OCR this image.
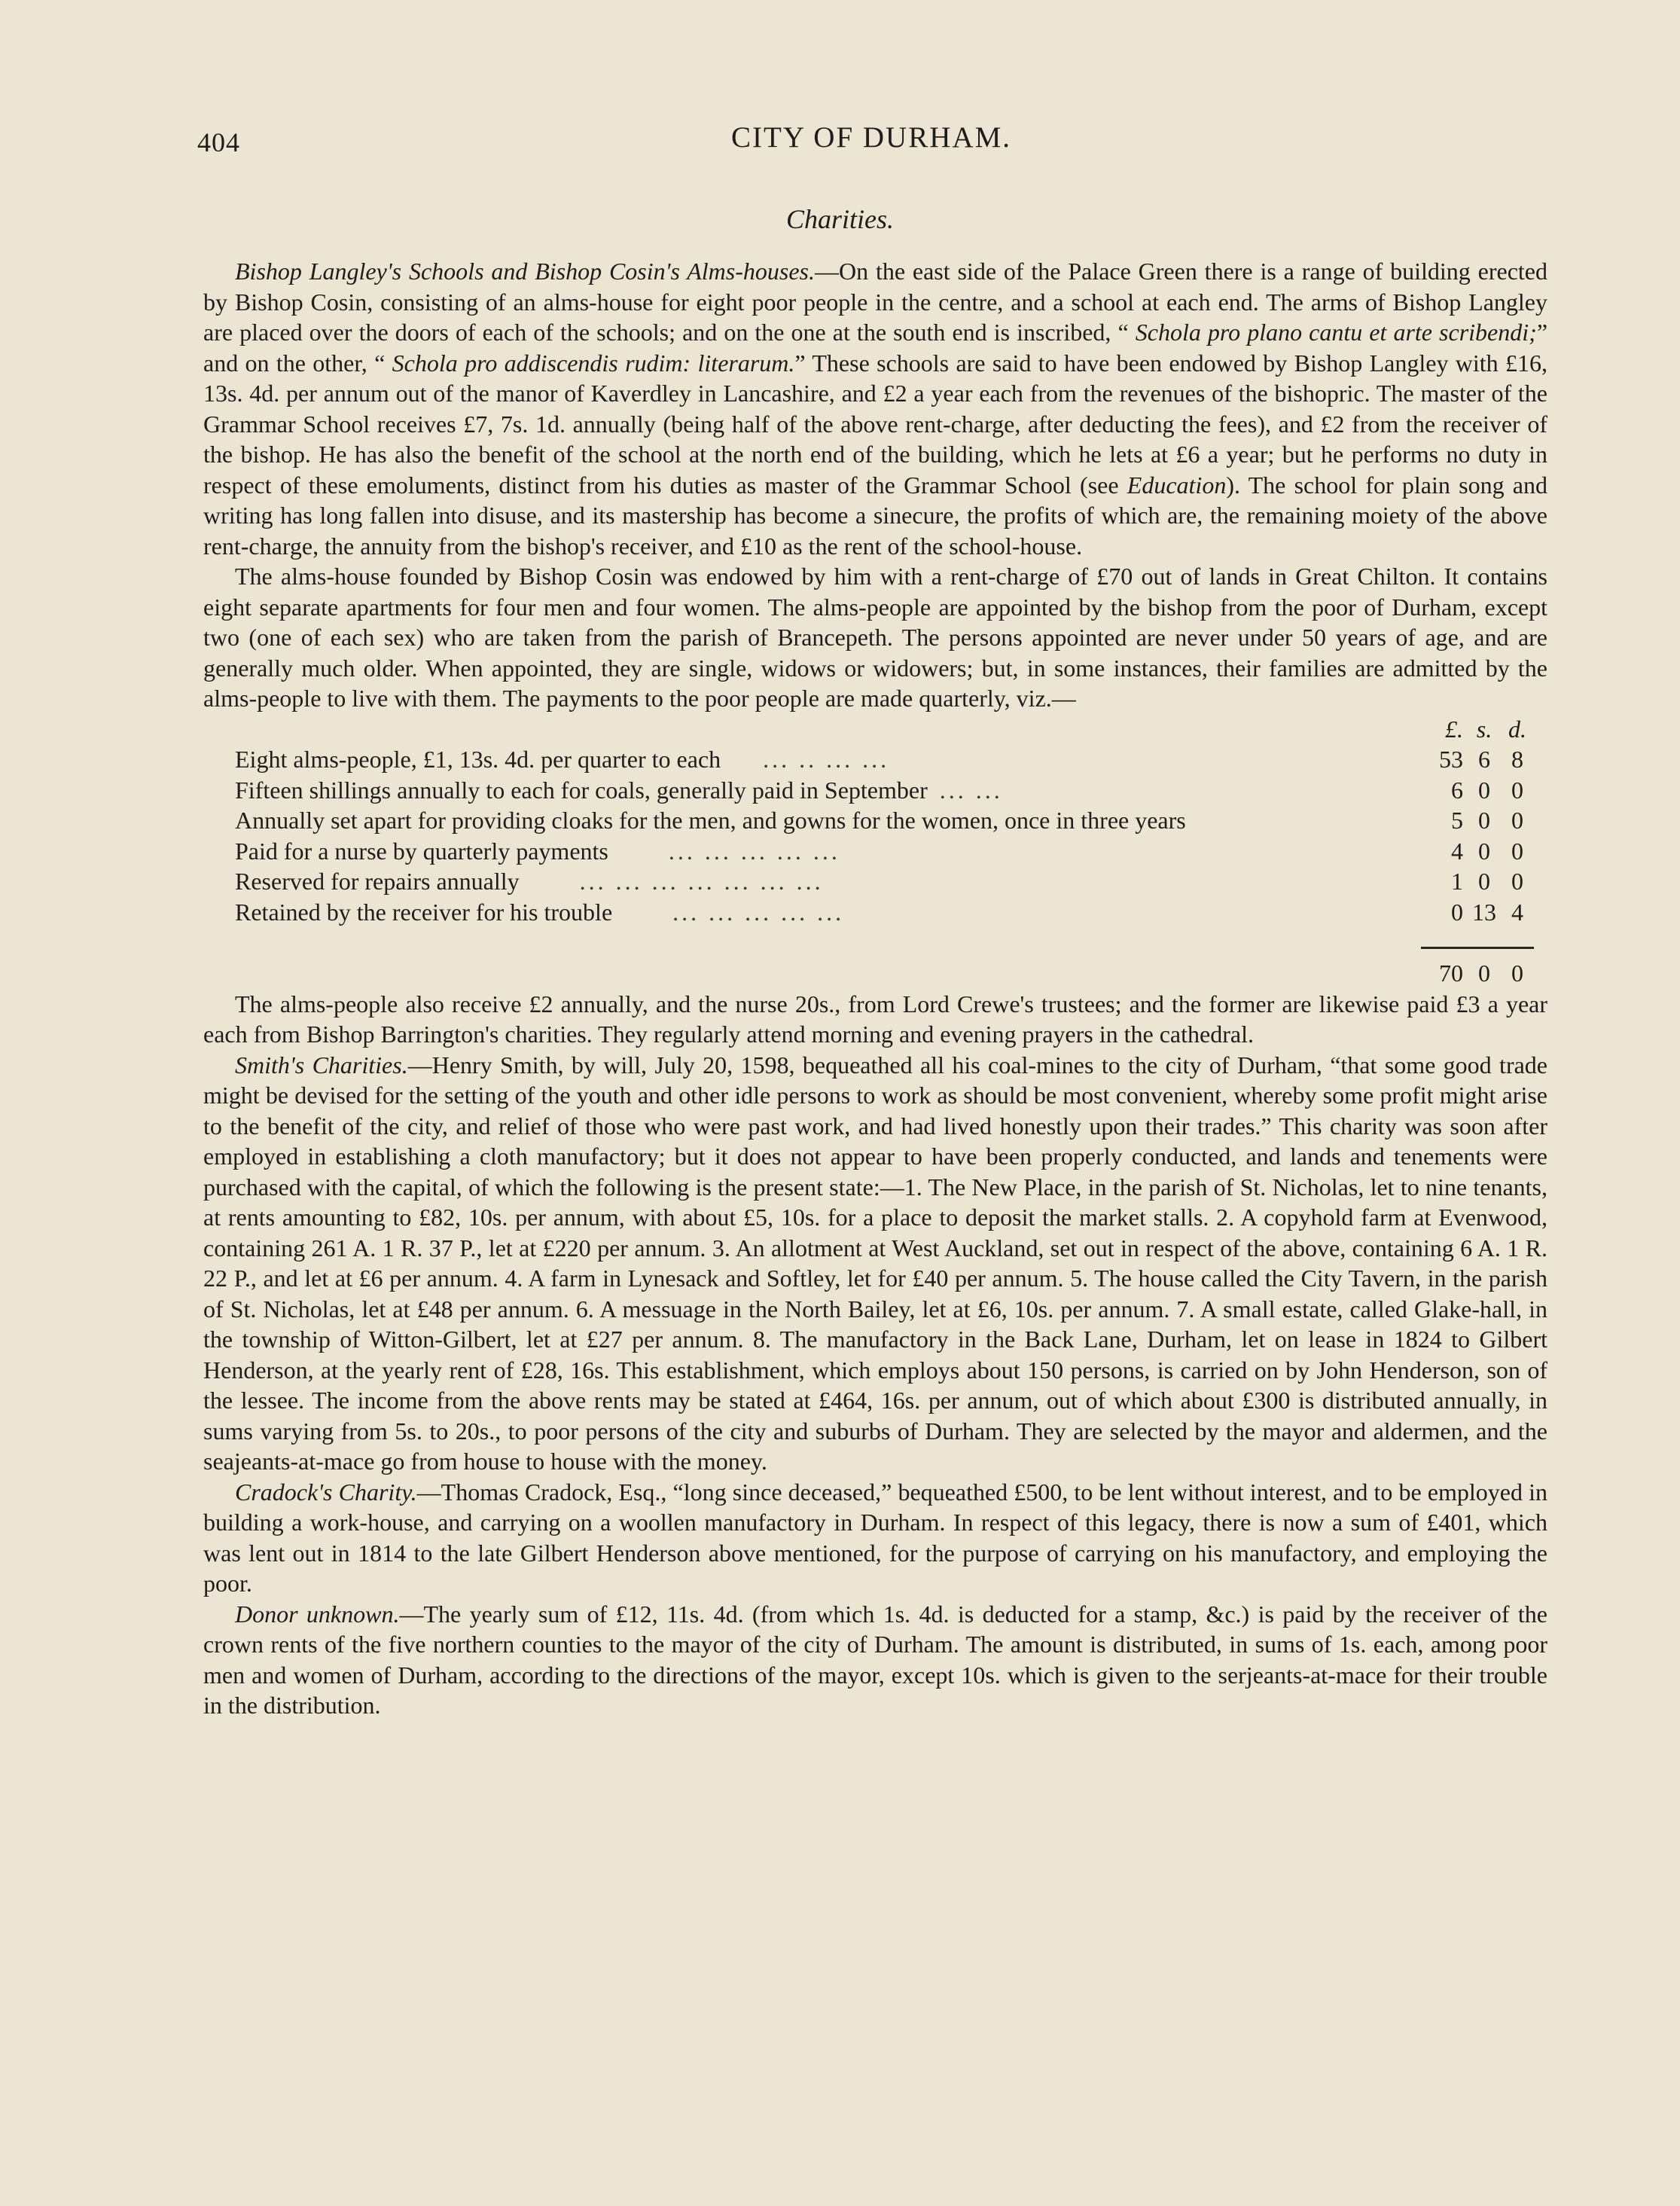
404	CITY OF DURHAM.
Charities.

Bishop Langley's Schools and Bishop Cosin's Alms-houses.—On the east side of the Palace Green there is a range of building erected by Bishop Cosin, consisting of an alms-house for eight poor people in the centre, and a school at each end. The arms of Bishop Langley are placed over the doors of each of the schools; and on the one at the south end is inscribed, “ Schola pro plano cantu et arte scribendi;” and on the other, “ Schola pro addiscendis rudim: literarum.” These schools are said to have been endowed by Bishop Langley with £16, 13s. 4d. per annum out of the manor of Kaverdley in Lancashire, and £2 a year each from the revenues of the bishopric. The master of the Grammar School receives £7, 7s. 1d. annually (being half of the above rent-charge, after deducting the fees), and £2 from the receiver of the bishop. He has also the benefit of the school at the north end of the building, which he lets at £6 a year; but he performs no duty in respect of these emoluments, distinct from his duties as master of the Grammar School (see Education). The school for plain song and writing has long fallen into disuse, and its mastership has become a sinecure, the profits of which are, the remaining moiety of the above rent-charge, the annuity from the bishop's receiver, and £10 as the rent of the school-house.

The alms-house founded by Bishop Cosin was endowed by him with a rent-charge of £70 out of lands in Great Chilton. It contains eight separate apartments for four men and four women. The alms-people are appointed by the bishop from the poor of Durham, except two (one of each sex) who are taken from the parish of Brancepeth. The persons appointed are never under 50 years of age, and are generally much older. When appointed, they are single, widows or widowers; but, in some instances, their families are admitted by the alms-people to live with them. The payments to the poor people are made quarterly, viz.—

	£.	s.	d.
Eight alms-people, £1, 13s. 4d. per quarter to each ... .. ... ...	53	6	8
Fifteen shillings annually to each for coals, generally paid in September ... ...	6	0	0
Annually set apart for providing cloaks for the men, and gowns for the women, once in three years	5	0	0
Paid for a nurse by quarterly payments ... ... ... ... ...	4	0	0
Reserved for repairs annually ... ... ... ... ... ... ...	1	0	0
Retained by the receiver for his trouble ... ... ... ... ...	0	13	4

	70	0	0

The alms-people also receive £2 annually, and the nurse 20s., from Lord Crewe's trustees; and the former are likewise paid £3 a year each from Bishop Barrington's charities. They regularly attend morning and evening prayers in the cathedral.

Smith's Charities.—Henry Smith, by will, July 20, 1598, bequeathed all his coal-mines to the city of Durham, “that some good trade might be devised for the setting of the youth and other idle persons to work as should be most convenient, whereby some profit might arise to the benefit of the city, and relief of those who were past work, and had lived honestly upon their trades.” This charity was soon after employed in establishing a cloth manufactory; but it does not appear to have been properly conducted, and lands and tenements were purchased with the capital, of which the following is the present state:—1. The New Place, in the parish of St. Nicholas, let to nine tenants, at rents amounting to £82, 10s. per annum, with about £5, 10s. for a place to deposit the market stalls. 2. A copyhold farm at Evenwood, containing 261 A. 1 R. 37 P., let at £220 per annum. 3. An allotment at West Auckland, set out in respect of the above, containing 6 A. 1 R. 22 P., and let at £6 per annum. 4. A farm in Lynesack and Softley, let for £40 per annum. 5. The house called the City Tavern, in the parish of St. Nicholas, let at £48 per annum. 6. A messuage in the North Bailey, let at £6, 10s. per annum. 7. A small estate, called Glake-hall, in the township of Witton-Gilbert, let at £27 per annum. 8. The manufactory in the Back Lane, Durham, let on lease in 1824 to Gilbert Henderson, at the yearly rent of £28, 16s. This establishment, which employs about 150 persons, is carried on by John Henderson, son of the lessee. The income from the above rents may be stated at £464, 16s. per annum, out of which about £300 is distributed annually, in sums varying from 5s. to 20s., to poor persons of the city and suburbs of Durham. They are selected by the mayor and aldermen, and the seajeants-at-mace go from house to house with the money.

Cradock's Charity.—Thomas Cradock, Esq., “long since deceased,” bequeathed £500, to be lent without interest, and to be employed in building a work-house, and carrying on a woollen manufactory in Durham. In respect of this legacy, there is now a sum of £401, which was lent out in 1814 to the late Gilbert Henderson above mentioned, for the purpose of carrying on his manufactory, and employing the poor.

Donor unknown.—The yearly sum of £12, 11s. 4d. (from which 1s. 4d. is deducted for a stamp, &c.) is paid by the receiver of the crown rents of the five northern counties to the mayor of the city of Durham. The amount is distributed, in sums of 1s. each, among poor men and women of Durham, according to the directions of the mayor, except 10s. which is given to the serjeants-at-mace for their trouble in the distribution.
